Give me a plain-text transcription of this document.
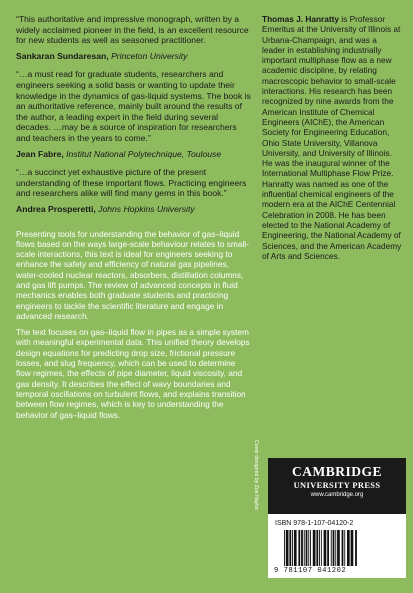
“This authoritative and impressive monograph, written by a widely acclaimed pioneer in the field, is an excellent resource for new students as well as seasoned practitioner.

Sankaran Sundaresan, Princeton University

“…a must read for graduate students, researchers and engineers seeking a solid basis or wanting to update their knowledge in the dynamics of gas-liquid systems. The book is an authoritative reference, mainly built around the results of the author, a leading expert in the field during several decades. …may be a source of inspiration for researchers and teachers in the years to come.”

Jean Fabre, Institut National Polytechnique, Toulouse

“…a succinct yet exhaustive picture of the present understanding of these important flows. Practicing engineers and researchers alike will find many gems in this book.”

Andrea Prosperetti, Johns Hopkins University

Presenting tools for understanding the behavior of gas–liquid flows based on the ways large-scale behaviour relates to small-scale interactions, this text is ideal for engineers seeking to enhance the safety and efficiency of natural gas pipelines, water-cooled nuclear reactors, absorbers, distillation columns, and gas lift pumps. The review of advanced concepts in fluid mechanics enables both graduate students and practicing engineers to tackle the scientific literature and engage in advanced research.

The text focuses on gas–liquid flow in pipes as a simple system with meaningful experimental data. This unified theory develops design equations for predicting drop size, frictional pressure losses, and slug frequency, which can be used to determine flow regimes, the effects of pipe diameter, liquid viscosity, and gas density. It describes the effect of wavy boundaries and temporal oscillations on turbulent flows, and explains transition between flow regimes, which is key to understanding the behavior of gas–liquid flows.

Thomas J. Hanratty is Professor Emeritus at the University of Illinois at Urbana-Champaign, and was a leader in establishing industrially important multiphase flow as a new academic discipline, by relating macroscopic behavior to small-scale interactions. His research has been recognized by nine awards from the American Institute of Chemical Engineers (AIChE), the American Society for Engineering Education, Ohio State University, Villanova University, and University of Illinois. He was the inaugural winner of the International Multiphase Flow Prize. Hanratty was named as one of the influential chemical engineers of the modern era at the AIChE Centennial Celebration in 2008. He has been elected to the National Academy of Engineering, the National Academy of Sciences, and the American Academy of Arts and Sciences.

Cover designed by Zoe Naylor	CAMBRIDGE
UNIVERSITY PRESS
www.cambridge.org
ISBN 978-1-107-04120-2
9 781107 041202
